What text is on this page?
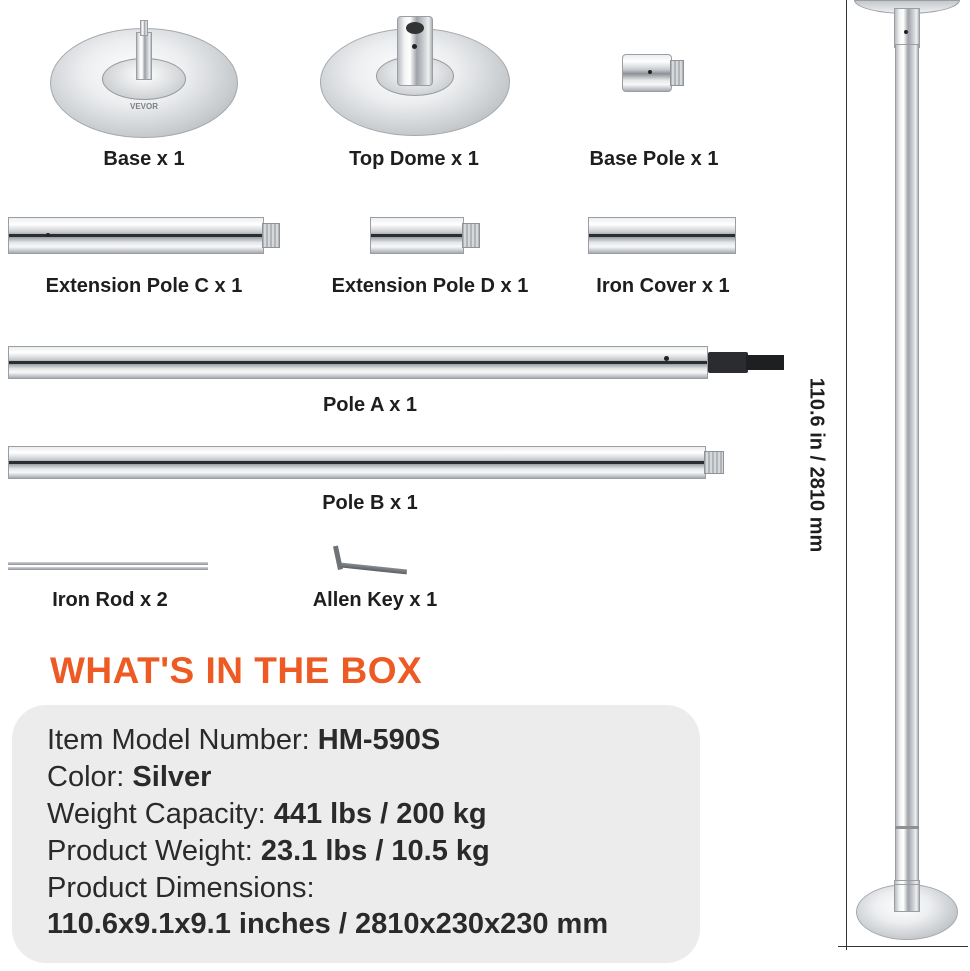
VEVOR
Base x 1	Top Dome x 1	Base Pole x 1
Extension Pole C x 1	Extension Pole D x 1	Iron Cover x 1
Pole A x 1
Pole B x 1
Iron Rod x 2	Allen Key x 1
WHAT'S IN THE BOX
Item Model Number: HM-590S
Color: Silver
Weight Capacity: 441 lbs / 200 kg
Product Weight: 23.1 lbs / 10.5 kg
Product Dimensions:
110.6x9.1x9.1 inches / 2810x230x230 mm
110.6 in / 2810 mm
